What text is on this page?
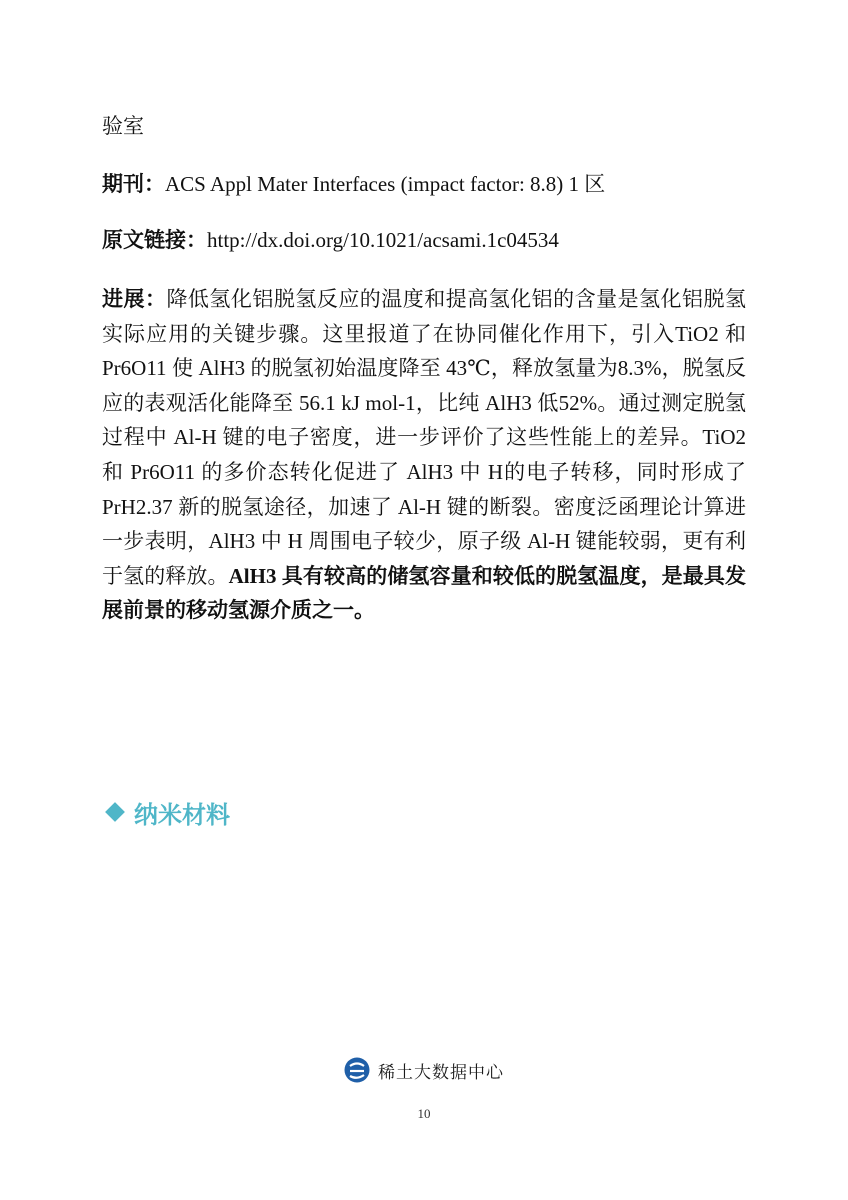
验室
期刊：ACS Appl Mater Interfaces (impact factor: 8.8) 1 区
原文链接：http://dx.doi.org/10.1021/acsami.1c04534
进展：降低氢化铝脱氢反应的温度和提高氢化铝的含量是氢化铝脱氢实际应用的关键步骤。这里报道了在协同催化作用下，引入TiO2 和 Pr6O11 使 AlH3 的脱氢初始温度降至 43℃，释放氢量为8.3%，脱氢反应的表观活化能降至 56.1 kJ mol-1，比纯 AlH3 低52%。通过测定脱氢过程中 Al-H 键的电子密度，进一步评价了这些性能上的差异。TiO2 和 Pr6O11 的多价态转化促进了 AlH3 中 H的电子转移，同时形成了 PrH2.37 新的脱氢途径，加速了 Al-H 键的断裂。密度泛函理论计算进一步表明，AlH3 中 H 周围电子较少，原子级 Al-H 键能较弱，更有利于氢的释放。AlH3 具有较高的储氢容量和较低的脱氢温度，是最具发展前景的移动氢源介质之一。
纳米材料
稀土大数据中心
10
